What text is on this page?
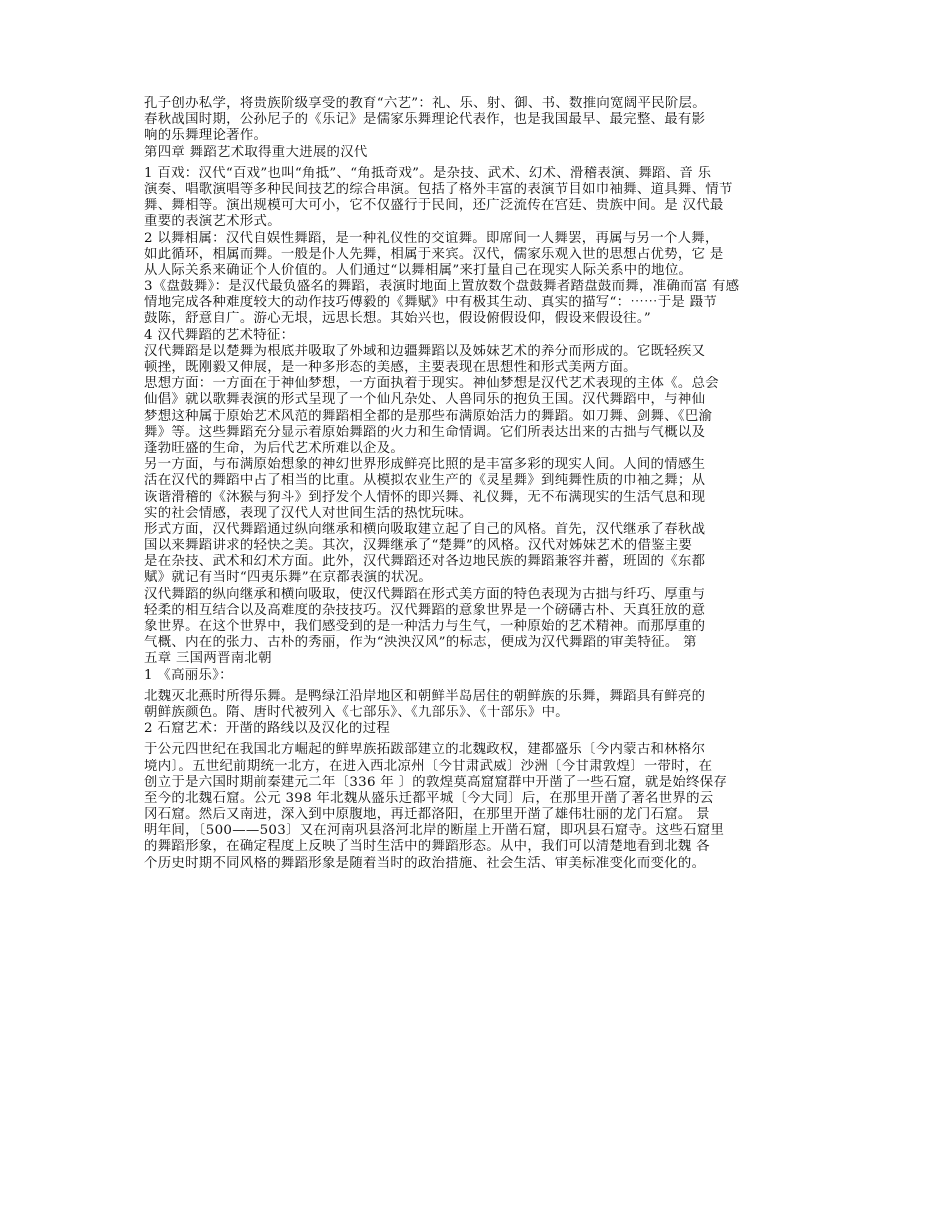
孔子创办私学，将贵族阶级享受的教育“六艺”：礼、乐、射、御、书、数推向宽阔平民阶层。
春秋战国时期，公孙尼子的《乐记》是儒家乐舞理论代表作，也是我国最早、最完整、最有影
响的乐舞理论著作。
第四章 舞蹈艺术取得重大进展的汉代
1 百戏：汉代“百戏”也叫“角抵”、“角抵奇戏”。是杂技、武术、幻术、滑稽表演、舞蹈、音 乐
演奏、唱歌演唱等多种民间技艺的综合串演。包括了格外丰富的表演节目如巾袖舞、道具舞、情节
舞、舞相等。演出规模可大可小，它不仅盛行于民间，还广泛流传在宫廷、贵族中间。是 汉代最
重要的表演艺术形式。
2 以舞相属：汉代自娱性舞蹈，是一种礼仪性的交谊舞。即席间一人舞罢，再属与另一个人舞，
如此循环，相属而舞。一般是仆人先舞，相属于来宾。汉代，儒家乐观入世的思想占优势，它 是
从人际关系来确证个人价值的。人们通过“以舞相属”来打量自己在现实人际关系中的地位。
3《盘鼓舞》：是汉代最负盛名的舞蹈，表演时地面上置放数个盘鼓舞者踏盘鼓而舞，准确而富 有感
情地完成各种难度较大的动作技巧傅毅的《舞赋》中有极其生动、真实的描写“：⋯⋯于是 蹑节
鼓陈，舒意自广。游心无垠，远思长想。其始兴也，假设俯假设仰，假设来假设往。”
4 汉代舞蹈的艺术特征：
汉代舞蹈是以楚舞为根底并吸取了外域和边疆舞蹈以及姊妹艺术的养分而形成的。它既轻疾又
顿挫，既刚毅又伸展，是一种多形态的美感，主要表现在思想性和形式美两方面。
思想方面：一方面在于神仙梦想，一方面执着于现实。神仙梦想是汉代艺术表现的主体《。总会
仙倡》就以歌舞表演的形式呈现了一个仙凡杂处、人兽同乐的抱负王国。汉代舞蹈中，与神仙
梦想这种属于原始艺术风范的舞蹈相全都的是那些布满原始活力的舞蹈。如刀舞、剑舞、《巴渝
舞》等。这些舞蹈充分显示着原始舞蹈的火力和生命情调。它们所表达出来的古拙与气概以及
蓬勃旺盛的生命，为后代艺术所难以企及。
另一方面，与布满原始想象的神幻世界形成鲜亮比照的是丰富多彩的现实人间。人间的情感生
活在汉代的舞蹈中占了相当的比重。从模拟农业生产的《灵星舞》到纯舞性质的巾袖之舞；从
诙谐滑稽的《沐猴与狗斗》到抒发个人情怀的即兴舞、礼仪舞，无不布满现实的生活气息和现
实的社会情感，表现了汉代人对世间生活的热忱玩味。
形式方面，汉代舞蹈通过纵向继承和横向吸取建立起了自己的风格。首先，汉代继承了春秋战
国以来舞蹈讲求的轻快之美。其次，汉舞继承了“楚舞”的风格。汉代对姊妹艺术的借鉴主要
是在杂技、武术和幻术方面。此外，汉代舞蹈还对各边地民族的舞蹈兼容并蓄，班固的《东都
赋》就记有当时“四夷乐舞”在京都表演的状况。
汉代舞蹈的纵向继承和横向吸取，使汉代舞蹈在形式美方面的特色表现为古拙与纤巧、厚重与
轻柔的相互结合以及高难度的杂技技巧。汉代舞蹈的意象世界是一个磅礴古朴、天真狂放的意
象世界。在这个世界中，我们感受到的是一种活力与生气，一种原始的艺术精神。而那厚重的
气概、内在的张力、古朴的秀丽，作为“泱泱汉风”的标志，便成为汉代舞蹈的审美特征。 第
五章 三国两晋南北朝
1 《高丽乐》：
北魏灭北燕时所得乐舞。是鸭绿江沿岸地区和朝鲜半岛居住的朝鲜族的乐舞，舞蹈具有鲜亮的
朝鲜族颜色。隋、唐时代被列入《七部乐》、《九部乐》、《十部乐》中。
2 石窟艺术：开凿的路线以及汉化的过程
于公元四世纪在我国北方崛起的鲜卑族拓跋部建立的北魏政权，建都盛乐〔今内蒙古和林格尔
境内〕。五世纪前期统一北方，在进入西北凉州〔今甘肃武威〕沙洲〔今甘肃敦煌〕一带时，在
创立于是六国时期前秦建元二年〔336 年 〕的敦煌莫高窟窟群中开凿了一些石窟，就是始终保存
至今的北魏石窟。公元 398 年北魏从盛乐迁都平城〔今大同〕后，在那里开凿了著名世界的云
冈石窟。然后又南进，深入到中原腹地，再迁都洛阳，在那里开凿了雄伟壮丽的龙门石窟。 景
明年间，〔500——503〕又在河南巩县洛河北岸的断崖上开凿石窟，即巩县石窟寺。这些石窟里
的舞蹈形象，在确定程度上反映了当时生活中的舞蹈形态。从中，我们可以清楚地看到北魏 各
个历史时期不同风格的舞蹈形象是随着当时的政治措施、社会生活、审美标准变化而变化的。
